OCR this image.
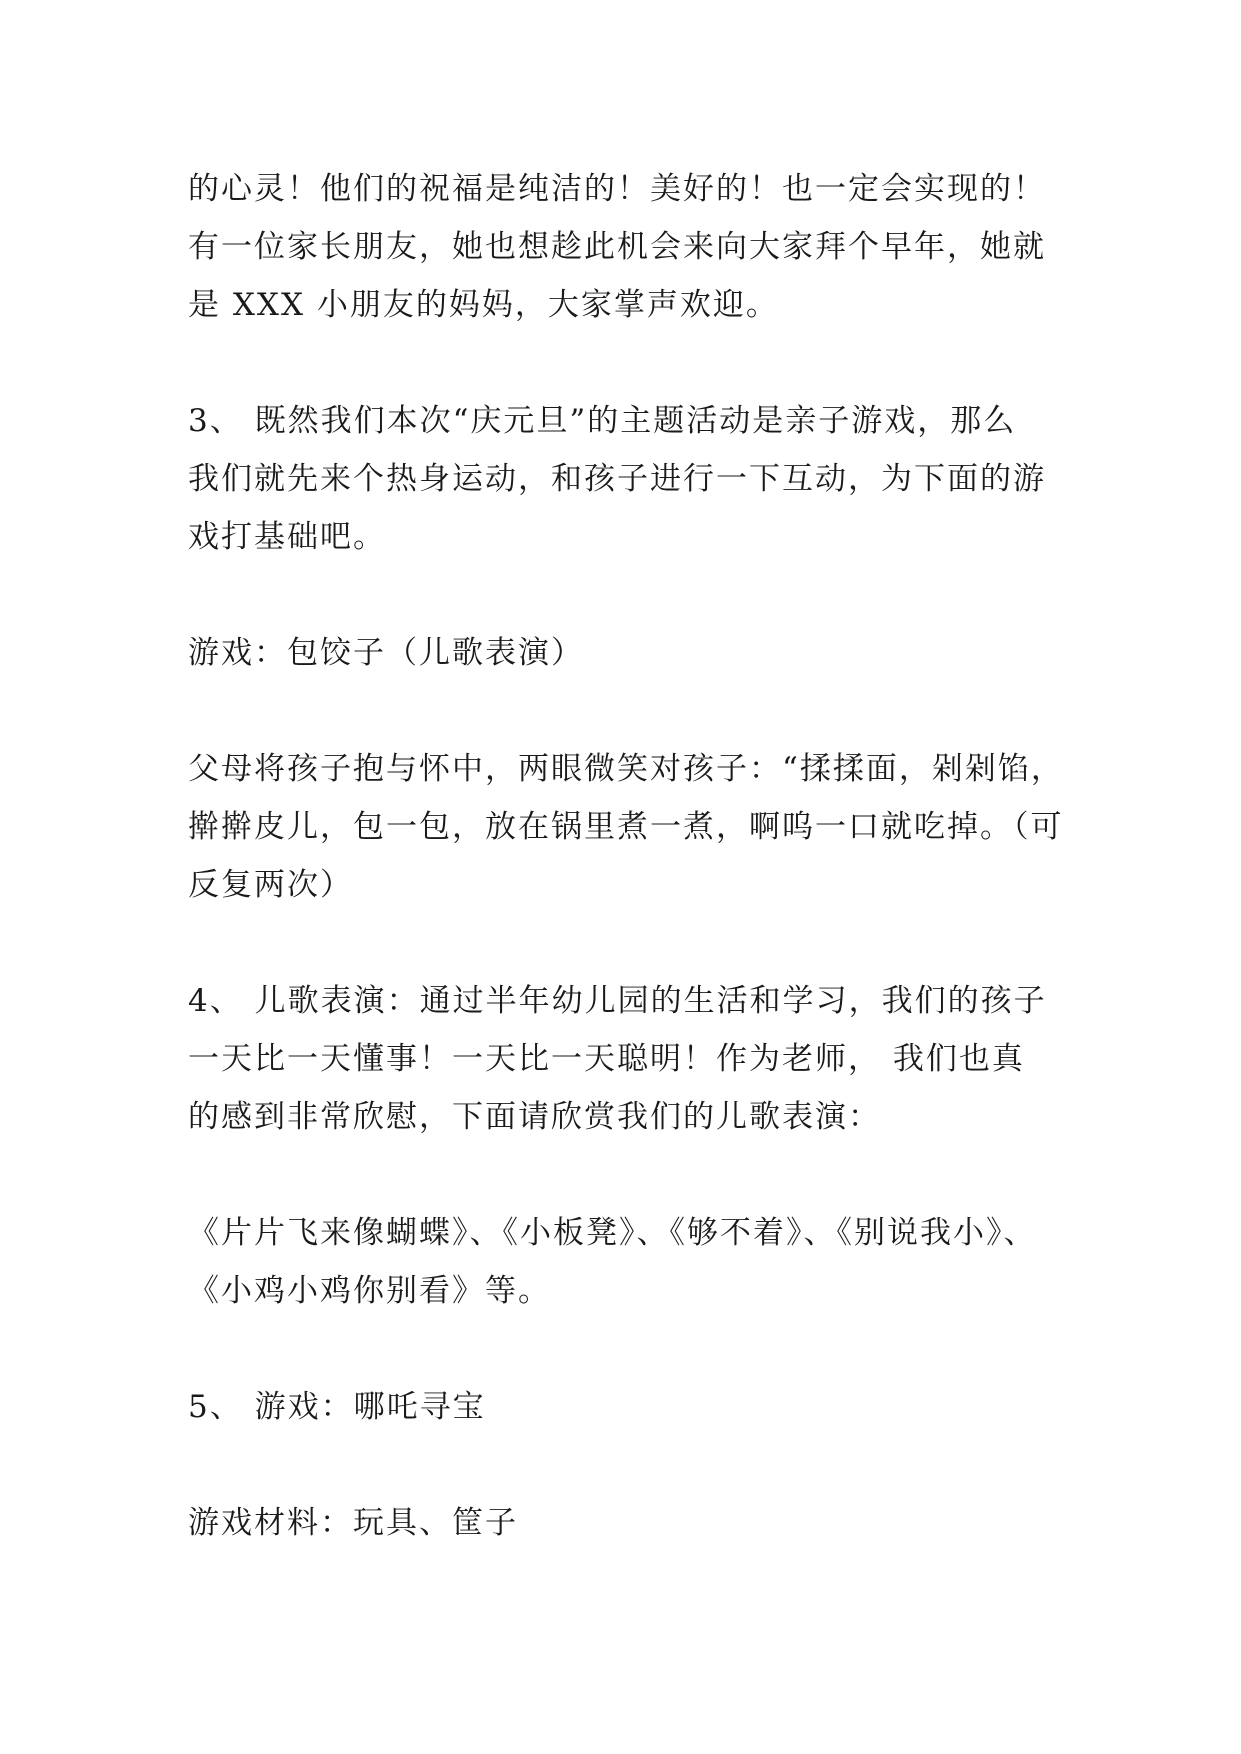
的心灵！他们的祝福是纯洁的！美好的！也一定会实现的！
有一位家长朋友，她也想趁此机会来向大家拜个早年，她就
是 XXX 小朋友的妈妈，大家掌声欢迎。

3、 既然我们本次“庆元旦”的主题活动是亲子游戏，那么
我们就先来个热身运动，和孩子进行一下互动，为下面的游
戏打基础吧。

游戏：包饺子（儿歌表演）

父母将孩子抱与怀中，两眼微笑对孩子：“揉揉面，剁剁馅，
擀擀皮儿，包一包，放在锅里煮一煮，啊呜一口就吃掉。（可
反复两次）

4、 儿歌表演：通过半年幼儿园的生活和学习，我们的孩子
一天比一天懂事！一天比一天聪明！作为老师， 我们也真
的感到非常欣慰，下面请欣赏我们的儿歌表演：

《片片飞来像蝴蝶》、《小板凳》、《够不着》、《别说我小》、
《小鸡小鸡你别看》等。

5、 游戏：哪吒寻宝

游戏材料：玩具、筐子
